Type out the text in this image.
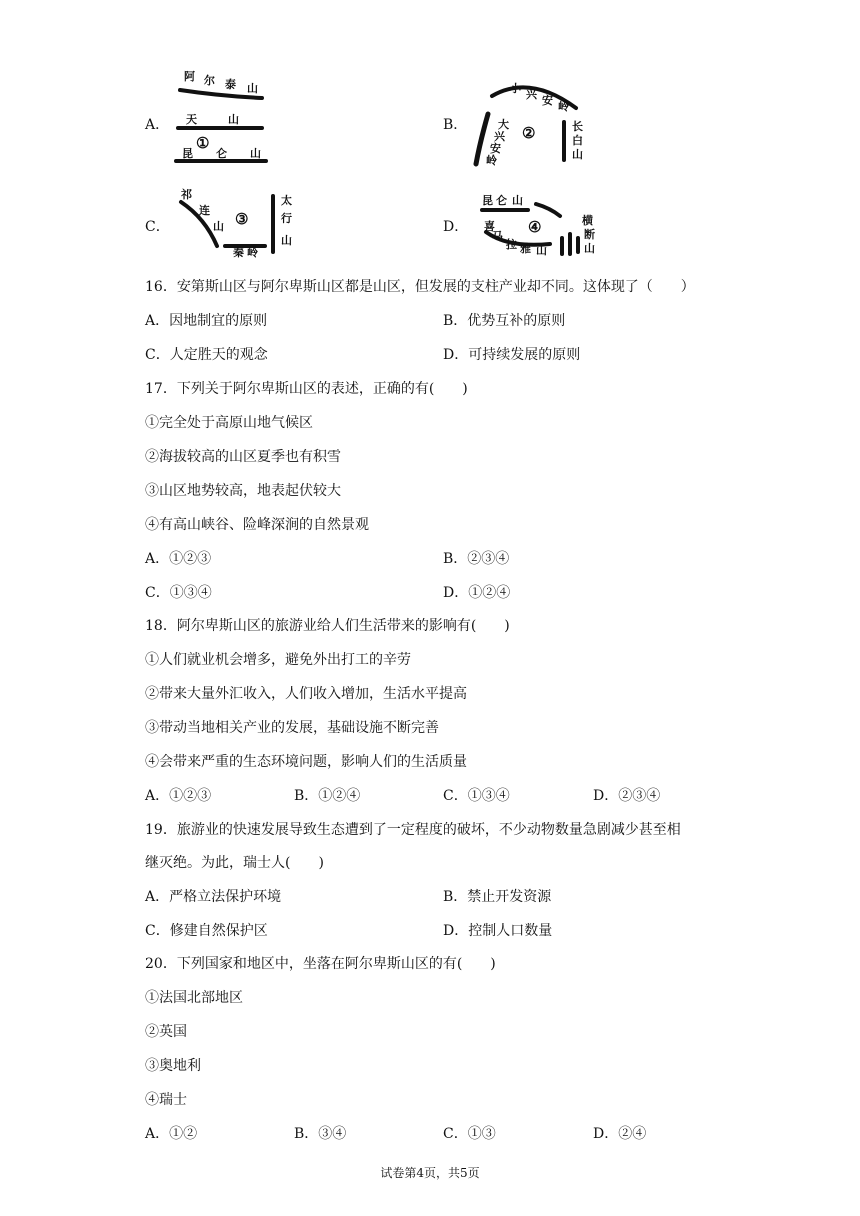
A．
阿 尔 泰 山
天	山
①
昆 仑 山
B．
小 兴 安 岭
大
兴
安
岭
②	长
白
山
C．
祁
连
山 ③
秦 岭
太
行
山
D．
昆 仑 山
④
喜
马
拉 雅 山
横
断
山
16．安第斯山区与阿尔卑斯山区都是山区，但发展的支柱产业却不同。这体现了（　　）
A．因地制宜的原则	B．优势互补的原则
C．人定胜天的观念	D．可持续发展的原则
17．下列关于阿尔卑斯山区的表述，正确的有(　　)
①完全处于高原山地气候区
②海拔较高的山区夏季也有积雪
③山区地势较高，地表起伏较大
④有高山峡谷、险峰深涧的自然景观
A．①②③	B．②③④
C．①③④	D．①②④
18．阿尔卑斯山区的旅游业给人们生活带来的影响有(　　)
①人们就业机会增多，避免外出打工的辛劳
②带来大量外汇收入，人们收入增加，生活水平提高
③带动当地相关产业的发展，基础设施不断完善
④会带来严重的生态环境问题，影响人们的生活质量
A．①②③	B．①②④	C．①③④	D．②③④
19．旅游业的快速发展导致生态遭到了一定程度的破坏，不少动物数量急剧减少甚至相
继灭绝。为此，瑞士人(　　)
A．严格立法保护环境	B．禁止开发资源
C．修建自然保护区	D．控制人口数量
20．下列国家和地区中，坐落在阿尔卑斯山区的有(　　)
①法国北部地区
②英国
③奥地利
④瑞士
A．①②	B．③④	C．①③	D．②④
试卷第4页，共5页
